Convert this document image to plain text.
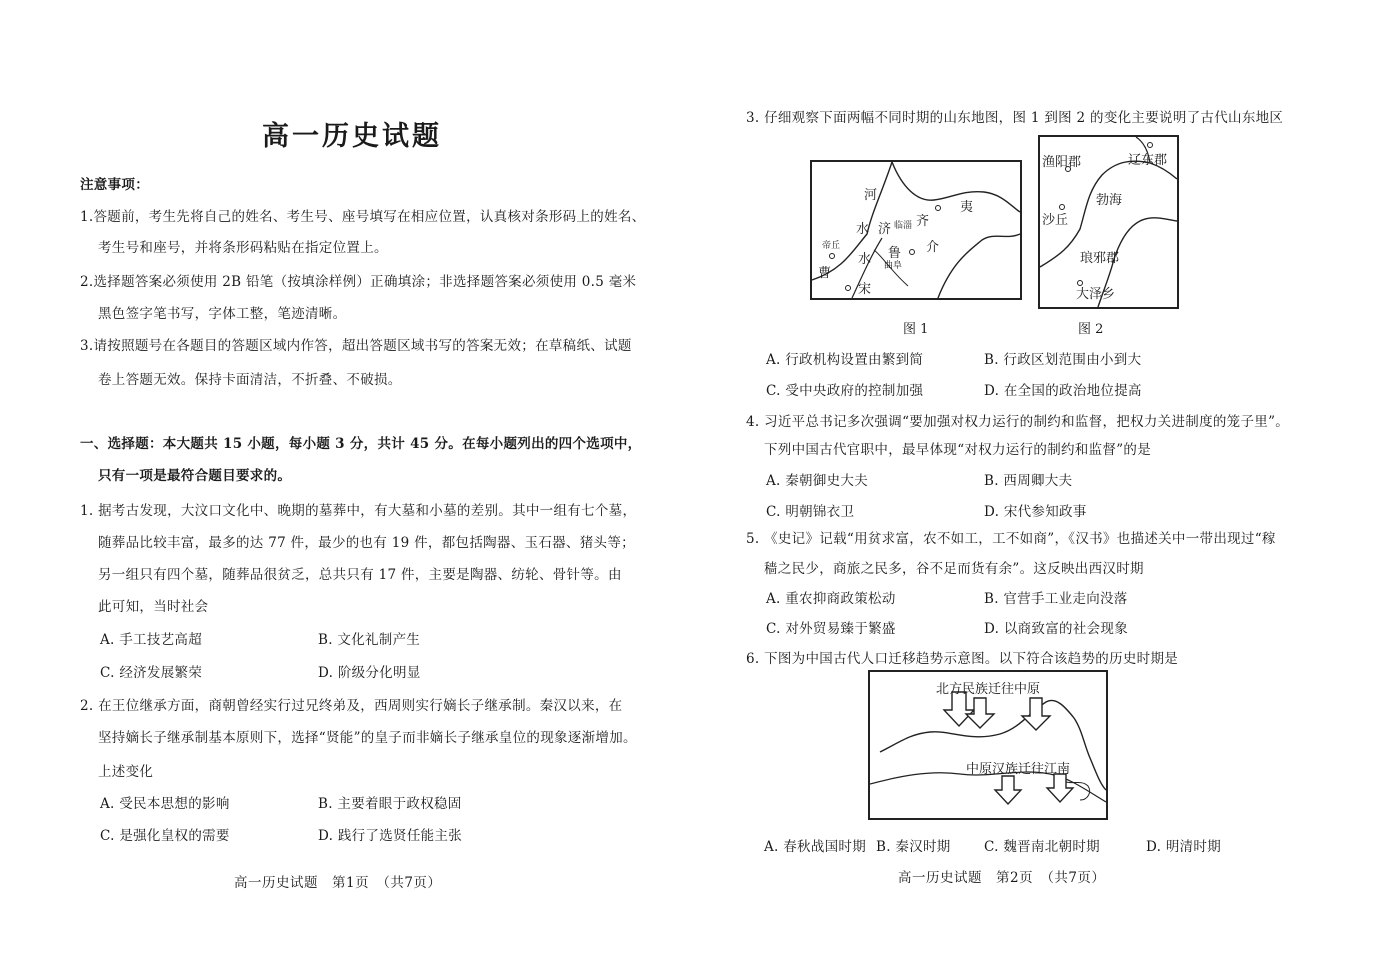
高一历史试题
注意事项：
1.答题前，考生先将自己的姓名、考生号、座号填写在相应位置，认真核对条形码上的姓名、
考生号和座号，并将条形码粘贴在指定位置上。
2.选择题答案必须使用 2B 铅笔（按填涂样例）正确填涂；非选择题答案必须使用 0.5 毫米
黑色签字笔书写，字体工整，笔迹清晰。
3.请按照题号在各题目的答题区域内作答，超出答题区域书写的答案无效；在草稿纸、试题
卷上答题无效。保持卡面清洁，不折叠、不破损。
一、选择题：本大题共 15 小题，每小题 3 分，共计 45 分。在每小题列出的四个选项中，
只有一项是最符合题目要求的。
1. 据考古发现，大汶口文化中、晚期的墓葬中，有大墓和小墓的差别。其中一组有七个墓，
随葬品比较丰富，最多的达 77 件，最少的也有 19 件，都包括陶器、玉石器、猪头等；
另一组只有四个墓，随葬品很贫乏，总共只有 17 件，主要是陶器、纺轮、骨针等。由
此可知，当时社会
A. 手工技艺高超	B. 文化礼制产生
C. 经济发展繁荣	D. 阶级分化明显
2. 在王位继承方面，商朝曾经实行过兄终弟及，西周则实行嫡长子继承制。秦汉以来，在
坚持嫡长子继承制基本原则下，选择“贤能”的皇子而非嫡长子继承皇位的现象逐渐增加。
上述变化
A. 受民本思想的影响	B. 主要着眼于政权稳固
C. 是强化皇权的需要	D. 践行了选贤任能主张
高一历史试题　第1页　（共7页）
3. 仔细观察下面两幅不同时期的山东地图，图 1 到图 2 的变化主要说明了古代山东地区
河
水 济
齐
临淄
夷
帝丘	鲁
曲阜
介
水
曹
宋
图 1
渔阳郡	辽东郡
勃海
沙丘
琅邪郡
大泽乡
图 2
A. 行政机构设置由繁到简	B. 行政区划范围由小到大
C. 受中央政府的控制加强	D. 在全国的政治地位提高
4. 习近平总书记多次强调“要加强对权力运行的制约和监督，把权力关进制度的笼子里”。
下列中国古代官职中，最早体现“对权力运行的制约和监督”的是
A. 秦朝御史大夫	B. 西周卿大夫
C. 明朝锦衣卫	D. 宋代参知政事
5. 《史记》记载“用贫求富，农不如工，工不如商”，《汉书》也描述关中一带出现过“稼
穑之民少，商旅之民多，谷不足而货有余”。这反映出西汉时期
A. 重农抑商政策松动	B. 官营手工业走向没落
C. 对外贸易臻于繁盛	D. 以商致富的社会现象
6. 下图为中国古代人口迁移趋势示意图。以下符合该趋势的历史时期是
北方民族迁往中原
中原汉族迁往江南
A. 春秋战国时期 B. 秦汉时期 C. 魏晋南北朝时期	D. 明清时期
高一历史试题　第2页　（共7页）
